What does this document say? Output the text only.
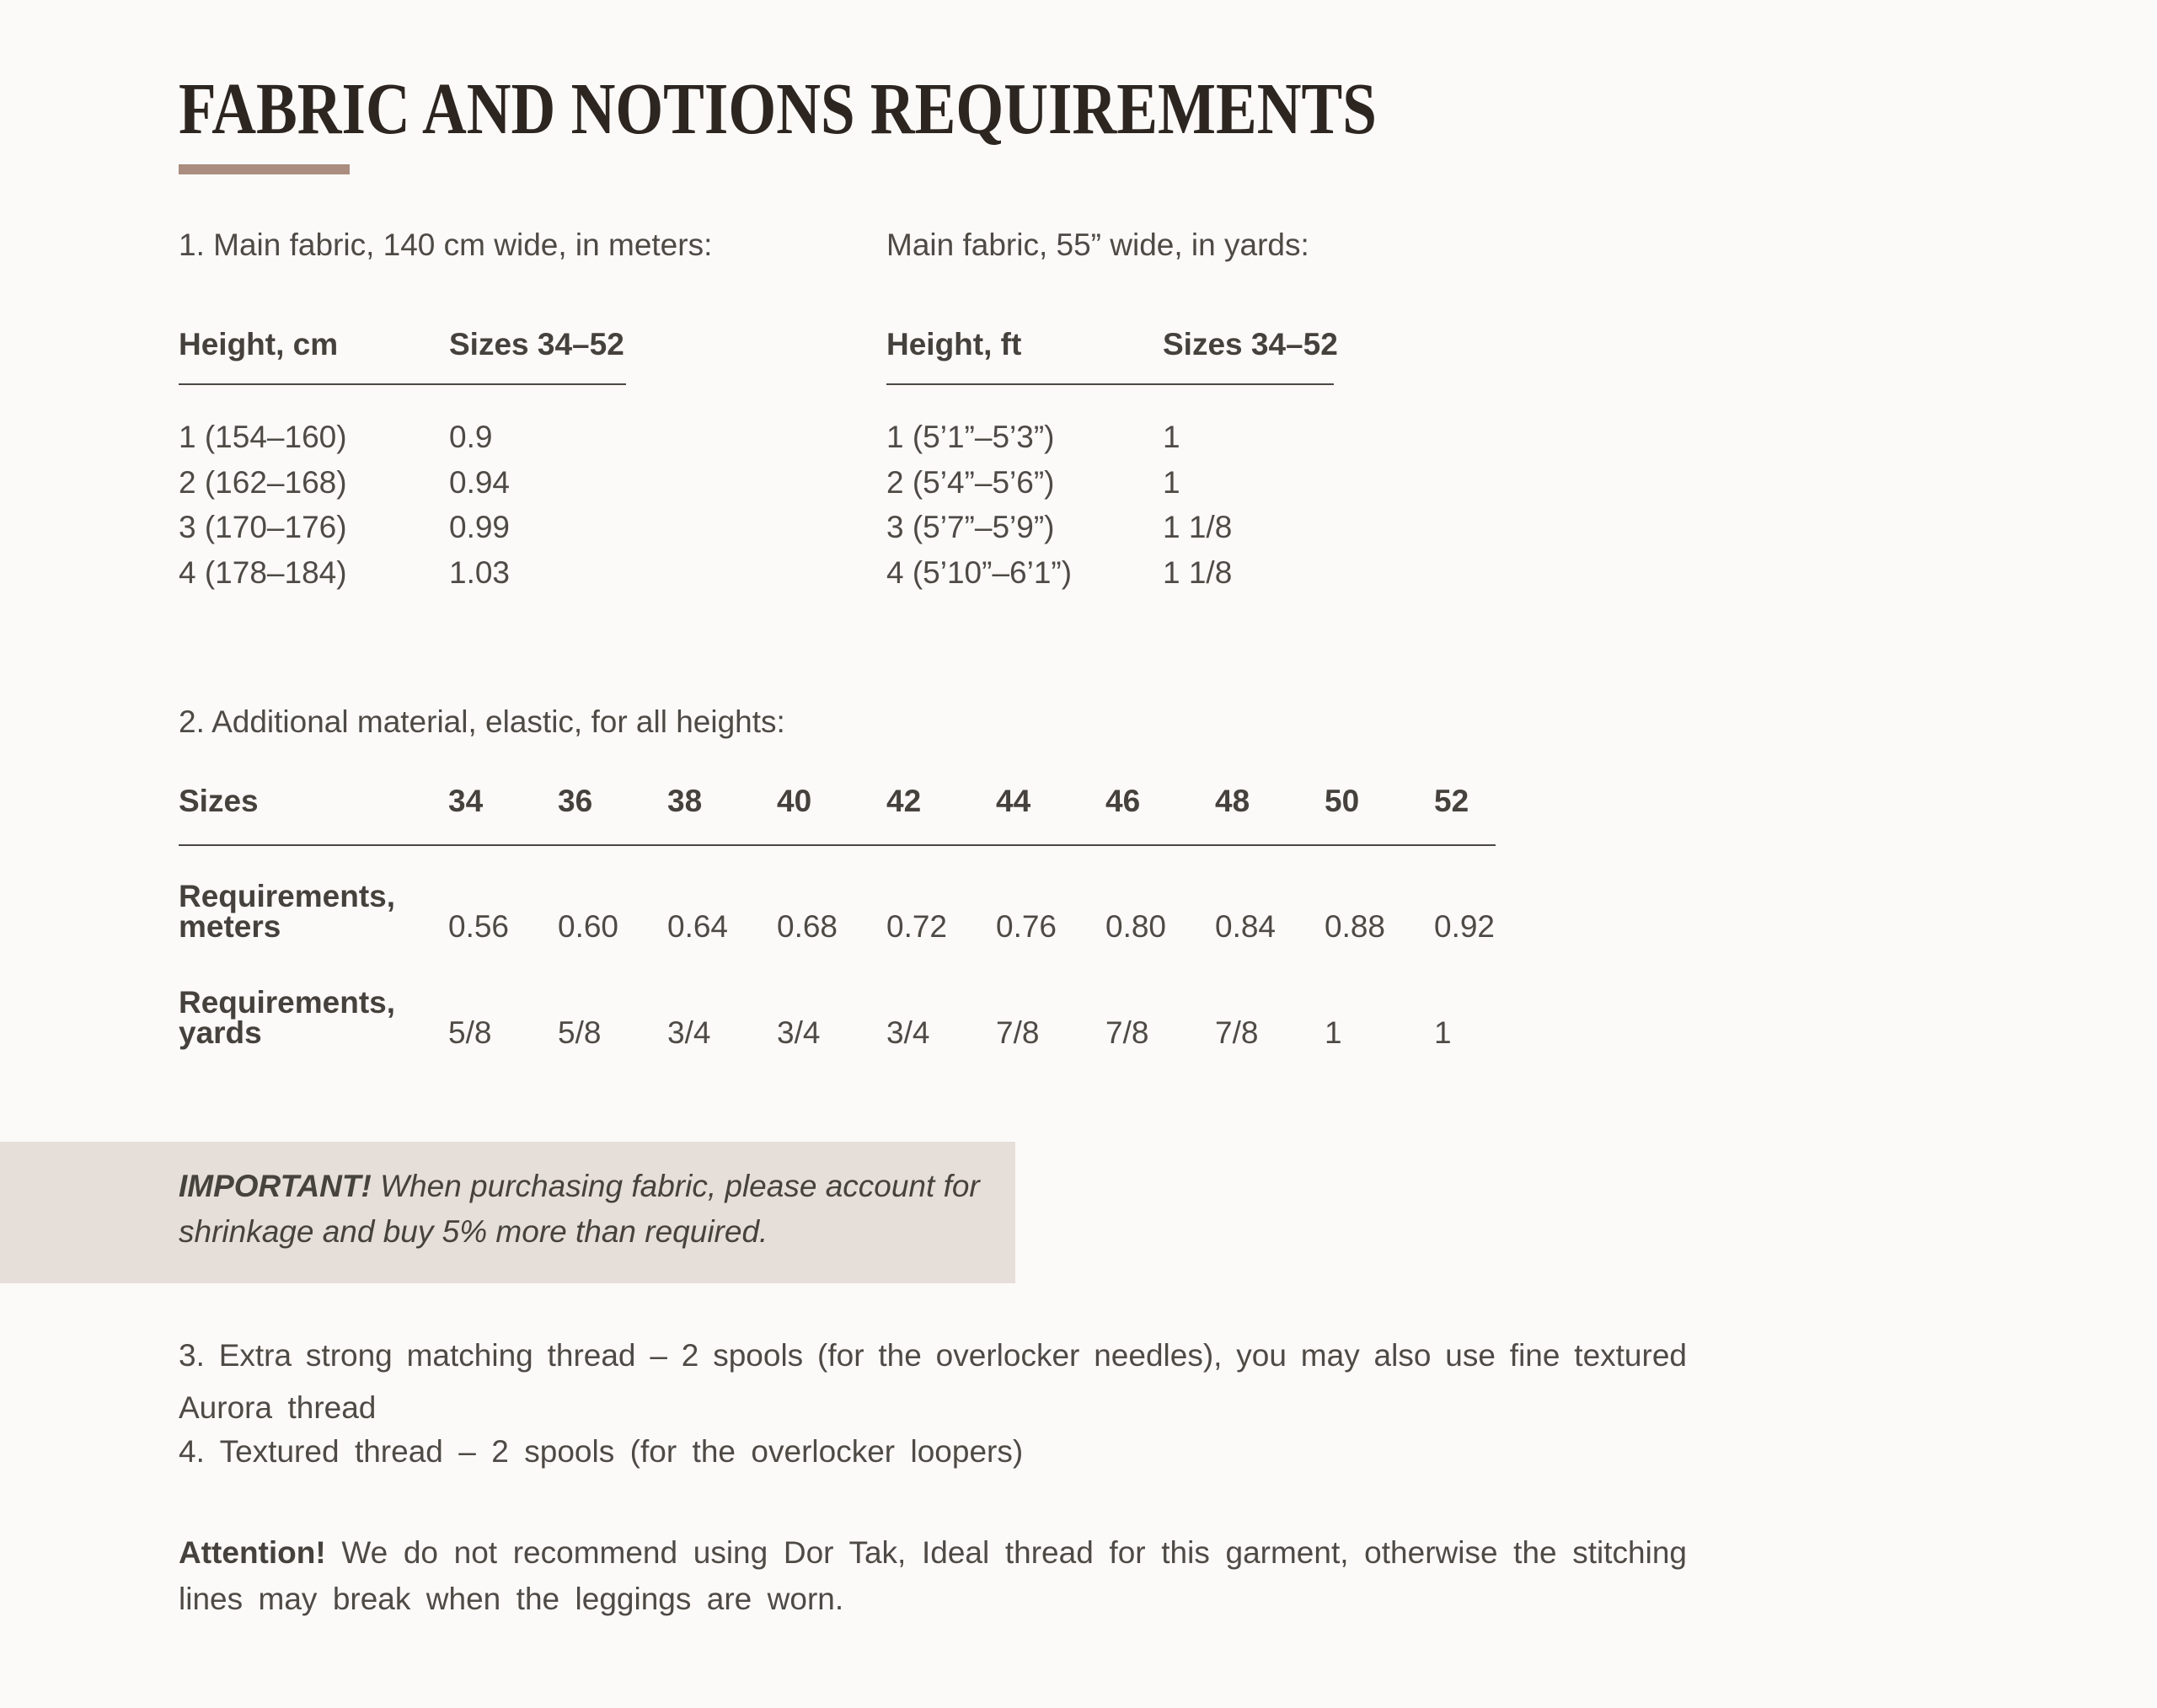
FABRIC AND NOTIONS REQUIREMENTS
1. Main fabric, 140 cm wide, in meters:	Main fabric, 55” wide, in yards:
Height, cm	Sizes 34–52
1 (154–160)	0.9
2 (162–168)	0.94
3 (170–176)	0.99
4 (178–184)	1.03
Height, ft	Sizes 34–52
1 (5’1”–5’3”)	1
2 (5’4”–5’6”)	1
3 (5’7”–5’9”)	1 1/8
4 (5’10”–6’1”)	1 1/8
2. Additional material, elastic, for all heights:
Sizes	34	36	38	40	42	44	46	48	50	52
Requirements,
meters	0.56	0.60	0.64	0.68	0.72	0.76	0.80	0.84	0.88	0.92
Requirements,
yards	5/8	5/8	3/4	3/4	3/4	7/8	7/8	7/8	1	1
IMPORTANT! When purchasing fabric, please account for
shrinkage and buy 5% more than required.
3. Extra strong matching thread – 2 spools (for the overlocker needles), you may also use fine textured
Aurora thread
4. Textured thread – 2 spools (for the overlocker loopers)
Attention! We do not recommend using Dor Tak, Ideal thread for this garment, otherwise the stitching
lines may break when the leggings are worn.
